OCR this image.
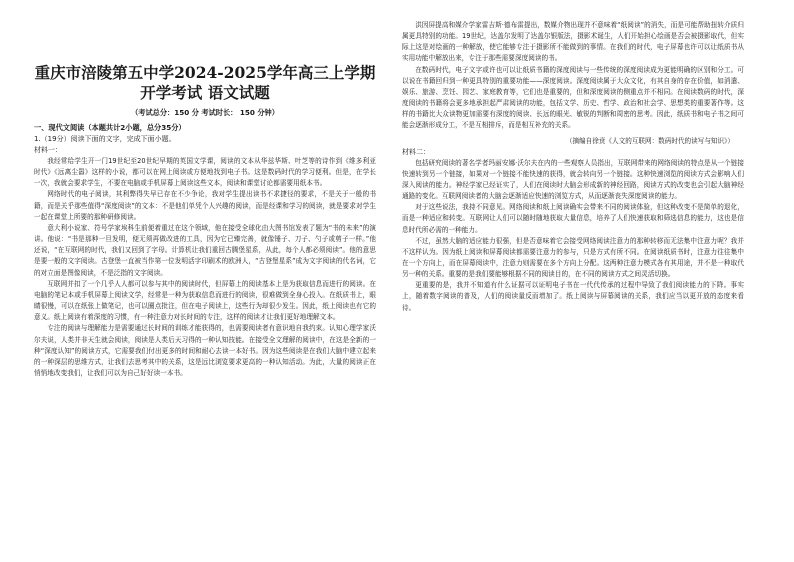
重庆市涪陵第五中学2024-2025学年高三上学期
开学考试 语文试题
（考试总分：150 分 考试时长： 150 分钟）
一、现代文阅读（本题共计2小题，总分35分）
1.（19分）阅读下面的文字，完成下面小题。
材料一：

我经常给学生开一门19世纪至20世纪早期的英国文学课，阅读的文本从华兹华斯、叶芝等的诗作到《维多利亚时代》《远离尘嚣》这样的小说，都可以在网上阅读或方便地找到电子书。这是数码时代的学习便利。但是，在学长一次，我就会要求学生，不要在电脑或手机屏幕上阅读这些文本，阅读和课堂讨论都需要用纸本书。

网络时代的电子阅读，其利弊得失早已存在不少争论，我对学生提出读书不求捷径的要求，不是关于一般的书籍，而是关乎那些值得“深度阅读”的文本：不是他们单凭个人兴趣的阅读，而是经课和学习的阅读，就是要求对学生一起在课堂上所要的那种研修阅读。

意大利小说家、符号学家埃科生前便着重过在这个领域，他在接受全球化由大图书馆发表了题为“书的未来”的演讲。他说：“书是那种一旦发明，便无须再做改进的工具，因为它已臻完善，就像锤子、刀子、勺子或剪子一样。”他还说，“在互联网的时代，我们又回到了字母。计算机让我们重回古腾堡星系，从此，每个人都必须阅读”。他的意思是要一般的文字阅读。古登堡一直被当作第一位发明活字印刷术的欧洲人，“古登堡星系”成为文字阅读的代名词，它的对立面是图像阅读，不是泛指的文字阅读。

互联网并扣了一个几乎人人都可以参与其中的阅读时代，但屏幕上的阅读基本上是为获取信息而进行的阅读。在电脑的笔记本或手机屏幕上阅读文学，经常是一种为获取信息而进行的阅读，很难做到全身心投入。在纸质书上，眼睛很慢，可以在纸张上做笔记，也可以圈点批注，但在电子阅读上，这些行为却很少发生。因此，纸上阅读也有它的意义。纸上阅读有着深度的习惯，有一种注意力对长时间的专注，这样的阅读才让我们更好地理解文本。

专注的阅读与理解能力是需要通过长时间的训练才能获得的，也需要阅读者有意识地自我约束。认知心理学家沃尔夫说，人类并非天生就会阅读，阅读是人类后天习得的一种认知技能。在接受全文理解的阅读中，在这是全新的一种“深度认知”的阅读方式，它需要我们付出更多的时间和耐心去读一本好书。因为这些阅读是在我们大脑中建立起来的一种深层的思维方式，让我们去思考其中的关系，这是远比浏览要求更高的一种认知活动。为此，大量的阅读正在悄悄地改变我们，让我们可以为自己好好读一本书。

洪因屏提高和媒介学家雷吉斯·德布雷提出，数媒介物出现并不意味着“纸阅读”的消失，而是可能帮助扭转介质归属更具特别的功能。19世纪，达盖尔发明了达盖尔银版法，摄影术诞生，人们开始担心绘画是否会被摄影取代，但实际上这是对绘画的一种解放，使它能够专注于摄影所不能做到的事情。在我们的时代，电子屏幕也许可以让纸质书从实用功能中解放出来，专注于那些需要深度阅读的书。

在数码时代，电子文字或许也可以让纸质书籍的深度阅读与一些传统的深度阅读成为更能明确的区别和分工。可以说在书籍回归到一种更具特别的重要功能——深度阅读。深度阅读属于大众文化，有其自身的存在价值，如消遣、娱乐、旅游、烹饪、园艺、家庭教育等，它们也是重要的，但和深度阅读的侧重点并不相同。在阅读数码的时代，深度阅读的书籍将会更多地承担起严肃阅读的功能，包括文学、历史、哲学、政治和社会学、思想类的重要著作等。这样的书籍比大众读物更加需要有深度的阅读、长远的眼光、敏锐的判断和周密的思考。因此，纸质书和电子书之间可能会逐渐形成分工，不是互相排斥，而是相互补充的关系。

（摘编自徐贲《人文的互联网：数码时代的读写与知识》）
材料二：

包括研究阅读的著名学者玛丽安娜·沃尔夫在内的一些观察人员指出，互联网带来的网络阅读的特点是从一个链接快速转到另一个链接，如果对一个链接不能快速的获得，就会转向另一个链接。这种快速浏览的阅读方式会影响人们深入阅读的能力。神经学家已经证实了，人们在阅读时大脑会形成新的神经回路，阅读方式的改变也会引起大脑神经通路的变化。互联网阅读者的大脑会逐渐适应快速的浏览方式，从而逐渐丧失深度阅读的能力。

对于这些说法，我持不同意见。网络阅读和纸上阅读确实会带来不同的阅读体验，但这种改变不是简单的退化，而是一种适应和转变。互联网让人们可以随时随地获取大量信息，培养了人们快速获取和筛选信息的能力，这也是信息时代所必需的一种能力。

不过，虽然大脑的适应能力很强，但是否意味着它会接受网络阅读注意力的那种转移而无法集中注意力呢？我并不这样认为。因为纸上阅读和屏幕阅读都需要注意力的参与，只是方式有所不同。在阅读纸质书时，注意力往往集中在一个方向上，而在屏幕阅读中，注意力则需要在多个方向上分配。这两种注意力模式各有其用途，并不是一种取代另一种的关系。重要的是我们要能够根据不同的阅读目的，在不同的阅读方式之间灵活切换。

更重要的是，我并不知道有什么证据可以证明电子书在一代代传承的过程中导致了我们阅读能力的下降。事实上，随着数字阅读的普及，人们的阅读量反而增加了。纸上阅读与屏幕阅读的关系，我们应当以更开放的态度来看待。
